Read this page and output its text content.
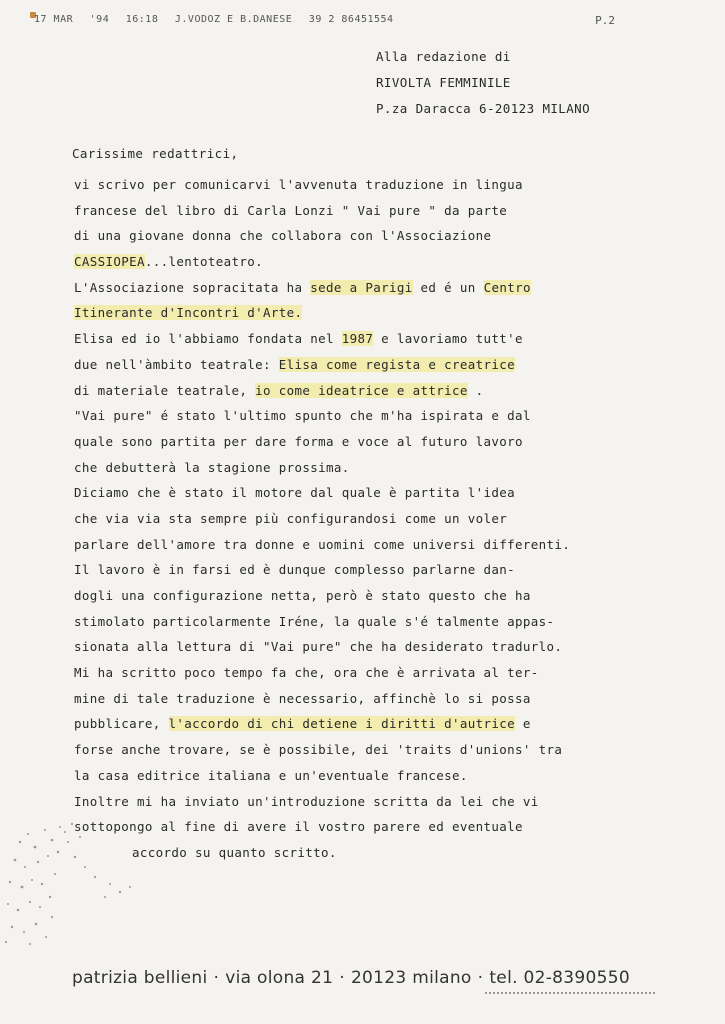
17 MAR '94 16:18 J.VODOZ E B.DANESE 39 2 86451554	P.2
Alla redazione di
RIVOLTA FEMMINILE
P.za Daracca 6-20123 MILANO
Carissime redattrici,
vi scrivo per comunicarvi l'avvenuta traduzione in lingua
francese del libro di Carla Lonzi " Vai pure " da parte
di una giovane donna che collabora con l'Associazione
CASSIOPEA...lentoteatro.
L'Associazione sopracitata ha sede a Parigi ed é un Centro
Itinerante d'Incontri d'Arte.
Elisa ed io l'abbiamo fondata nel 1987 e lavoriamo tutt'e
due nell'àmbito teatrale: Elisa come regista e creatrice
di materiale teatrale, io come ideatrice e attrice .
"Vai pure" é stato l'ultimo spunto che m'ha ispirata e dal
quale sono partita per dare forma e voce al futuro lavoro
che debutterà la stagione prossima.
Diciamo che è stato il motore dal quale è partita l'idea
che via via sta sempre più configurandosi come un voler
parlare dell'amore tra donne e uomini come universi differenti.
Il lavoro è in farsi ed è dunque complesso parlarne dan-
dogli una configurazione netta, però è stato questo che ha
stimolato particolarmente Iréne, la quale s'é talmente appas-
sionata alla lettura di "Vai pure" che ha desiderato tradurlo.
Mi ha scritto poco tempo fa che, ora che è arrivata al ter-
mine di tale traduzione è necessario, affinchè lo si possa
pubblicare, l'accordo di chi detiene i diritti d'autrice e
forse anche trovare, se è possibile, dei 'traits d'unions' tra
la casa editrice italiana e un'eventuale francese.
Inoltre mi ha inviato un'introduzione scritta da lei che vi
sottopongo al fine di avere il vostro parere ed eventuale
accordo su quanto scritto.
patrizia bellieni · via olona 21 · 20123 milano · tel. 02-8390550
